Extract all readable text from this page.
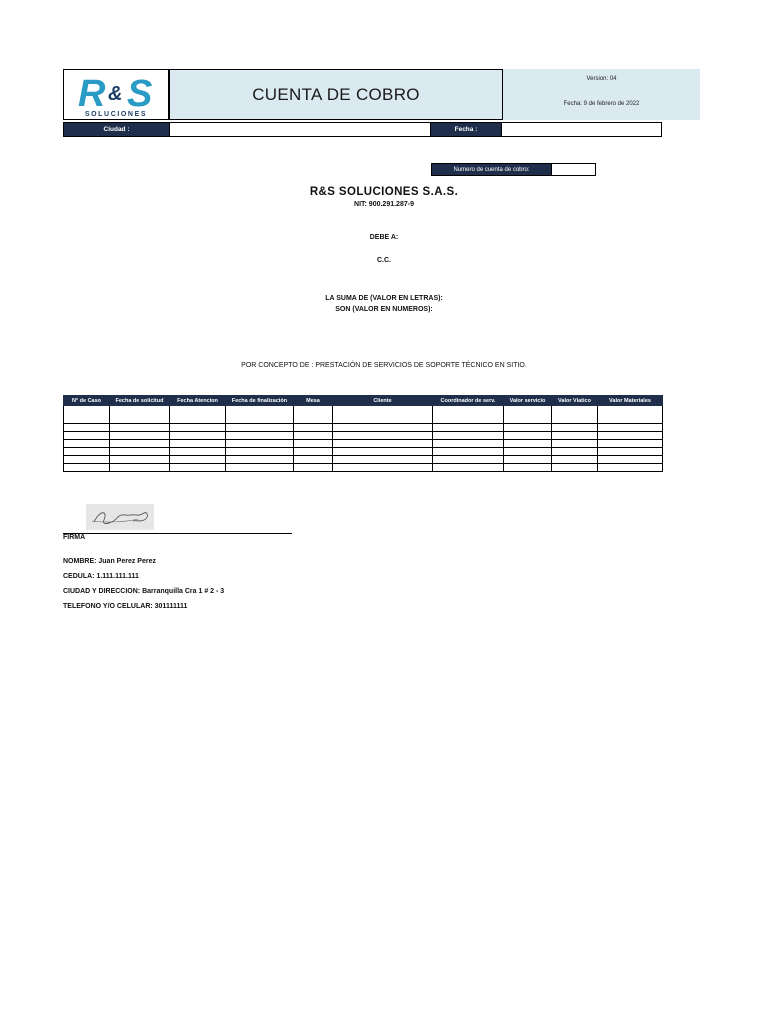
R S
&
SOLUCIONES
CUENTA DE COBRO
Version: 04
Fecha: 9 de febrero de 2022
Ciudad :	Fecha :
Numero de cuenta de cobro:
R&S SOLUCIONES S.A.S.
NIT: 900.291.287-9
DEBE A:
C.C.
LA SUMA DE (VALOR EN LETRAS):
SON (VALOR EN NUMEROS):
POR CONCEPTO DE : PRESTACIÓN DE SERVICIOS DE SOPORTE TÉCNICO EN SITIO.
N° de Caso	Fecha de solicitud	Fecha Atencion	Fecha de finalización	Mesa	Cliente	Coordinador de serv.	Valor servicio	Valor Viatico	Valor Materiales

FIRMA
NOMBRE: Juan Perez Perez
CEDULA: 1.111.111.111
CIUDAD Y DIRECCION: Barranquilla Cra 1 # 2 - 3
TELEFONO Y/O CELULAR: 301111111
